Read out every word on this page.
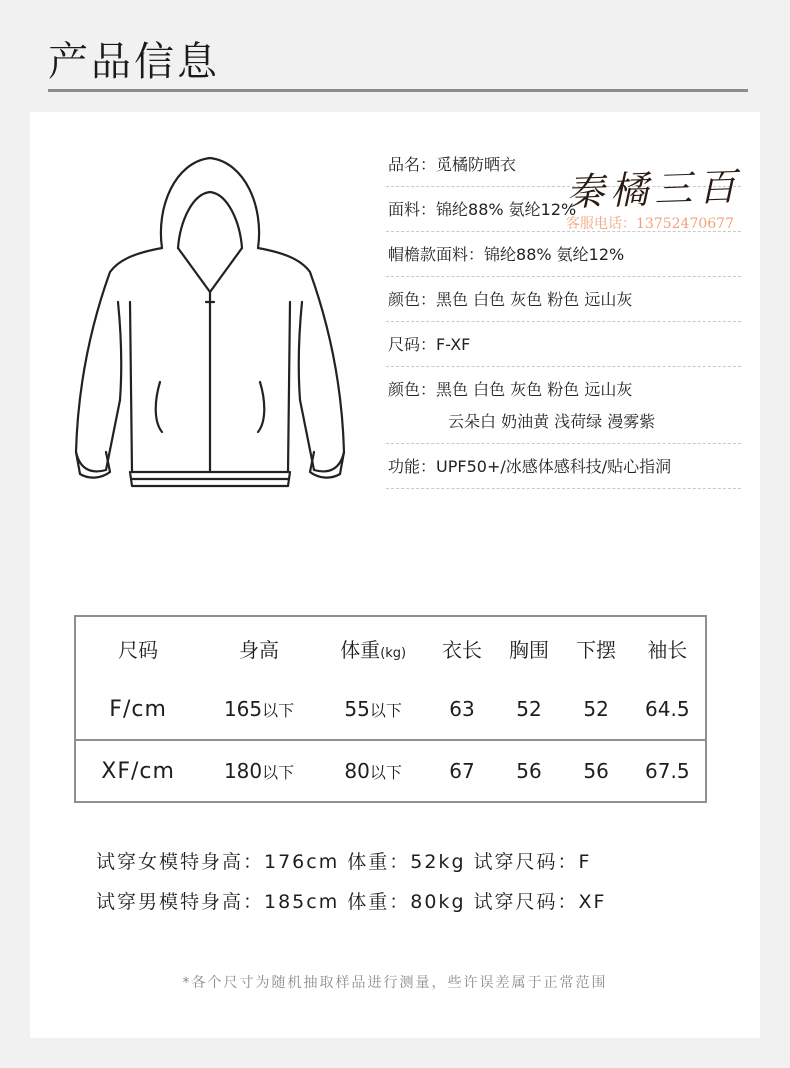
产品信息
品名：觅橘防晒衣
面料：锦纶88% 氨纶12%
帽檐款面料：锦纶88% 氨纶12%
颜色：黑色 白色 灰色 粉色 远山灰
尺码：F-XF
颜色：黑色 白色 灰色 粉色 远山灰
云朵白 奶油黄 浅荷绿 漫雾紫
功能：UPF50+/冰感体感科技/贴心指洞
秦橘三百
客服电话：13752470677
尺码	身高	体重(kg)	衣长	胸围	下摆	袖长
F/cm	165以下	55以下	63	52	52	64.5
XF/cm	180以下	80以下	67	56	56	67.5
试穿女模特身高：176cm 体重：52kg 试穿尺码：F
试穿男模特身高：185cm 体重：80kg 试穿尺码：XF
*各个尺寸为随机抽取样品进行测量，些许误差属于正常范围
